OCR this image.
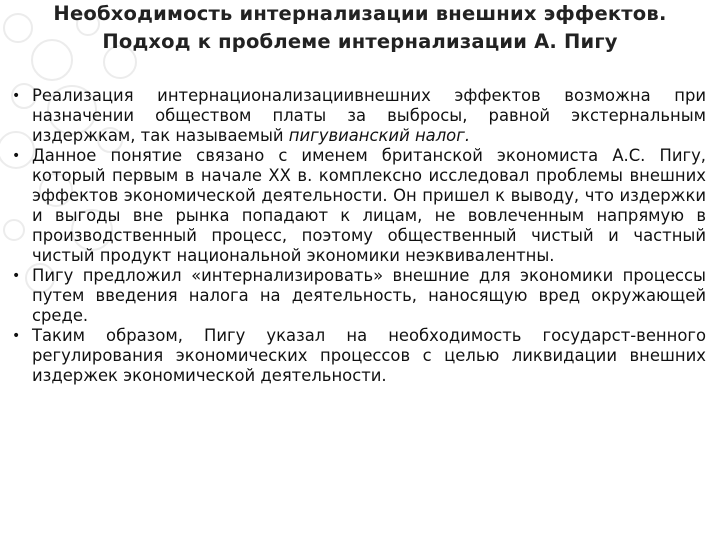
Необходимость интернализации внешних эффектов. Подход к проблеме интернализации А. Пигу
• Реализация интернационализациивнешних эффектов возможна при назначении обществом платы за выбросы, равной экстернальным издержкам, так называемый пигувианский налог.
• Данное понятие связано с именем британской экономиста А.С. Пигу, который первым в начале XX в. комплексно исследовал проблемы внешних эффектов экономической деятельности. Он пришел к выводу, что издержки и выгоды вне рынка попадают к лицам, не вовлеченным напрямую в производственный процесс, поэтому общественный чистый и частный чистый продукт национальной экономики неэквивалентны.
• Пигу предложил «интернализировать» внешние для экономики процессы путем введения налога на деятельность, наносящую вред окружающей среде.
• Таким образом, Пигу указал на необходимость государст-венного регулирования экономических процессов с целью ликвидации внешних издержек экономической деятельности.
